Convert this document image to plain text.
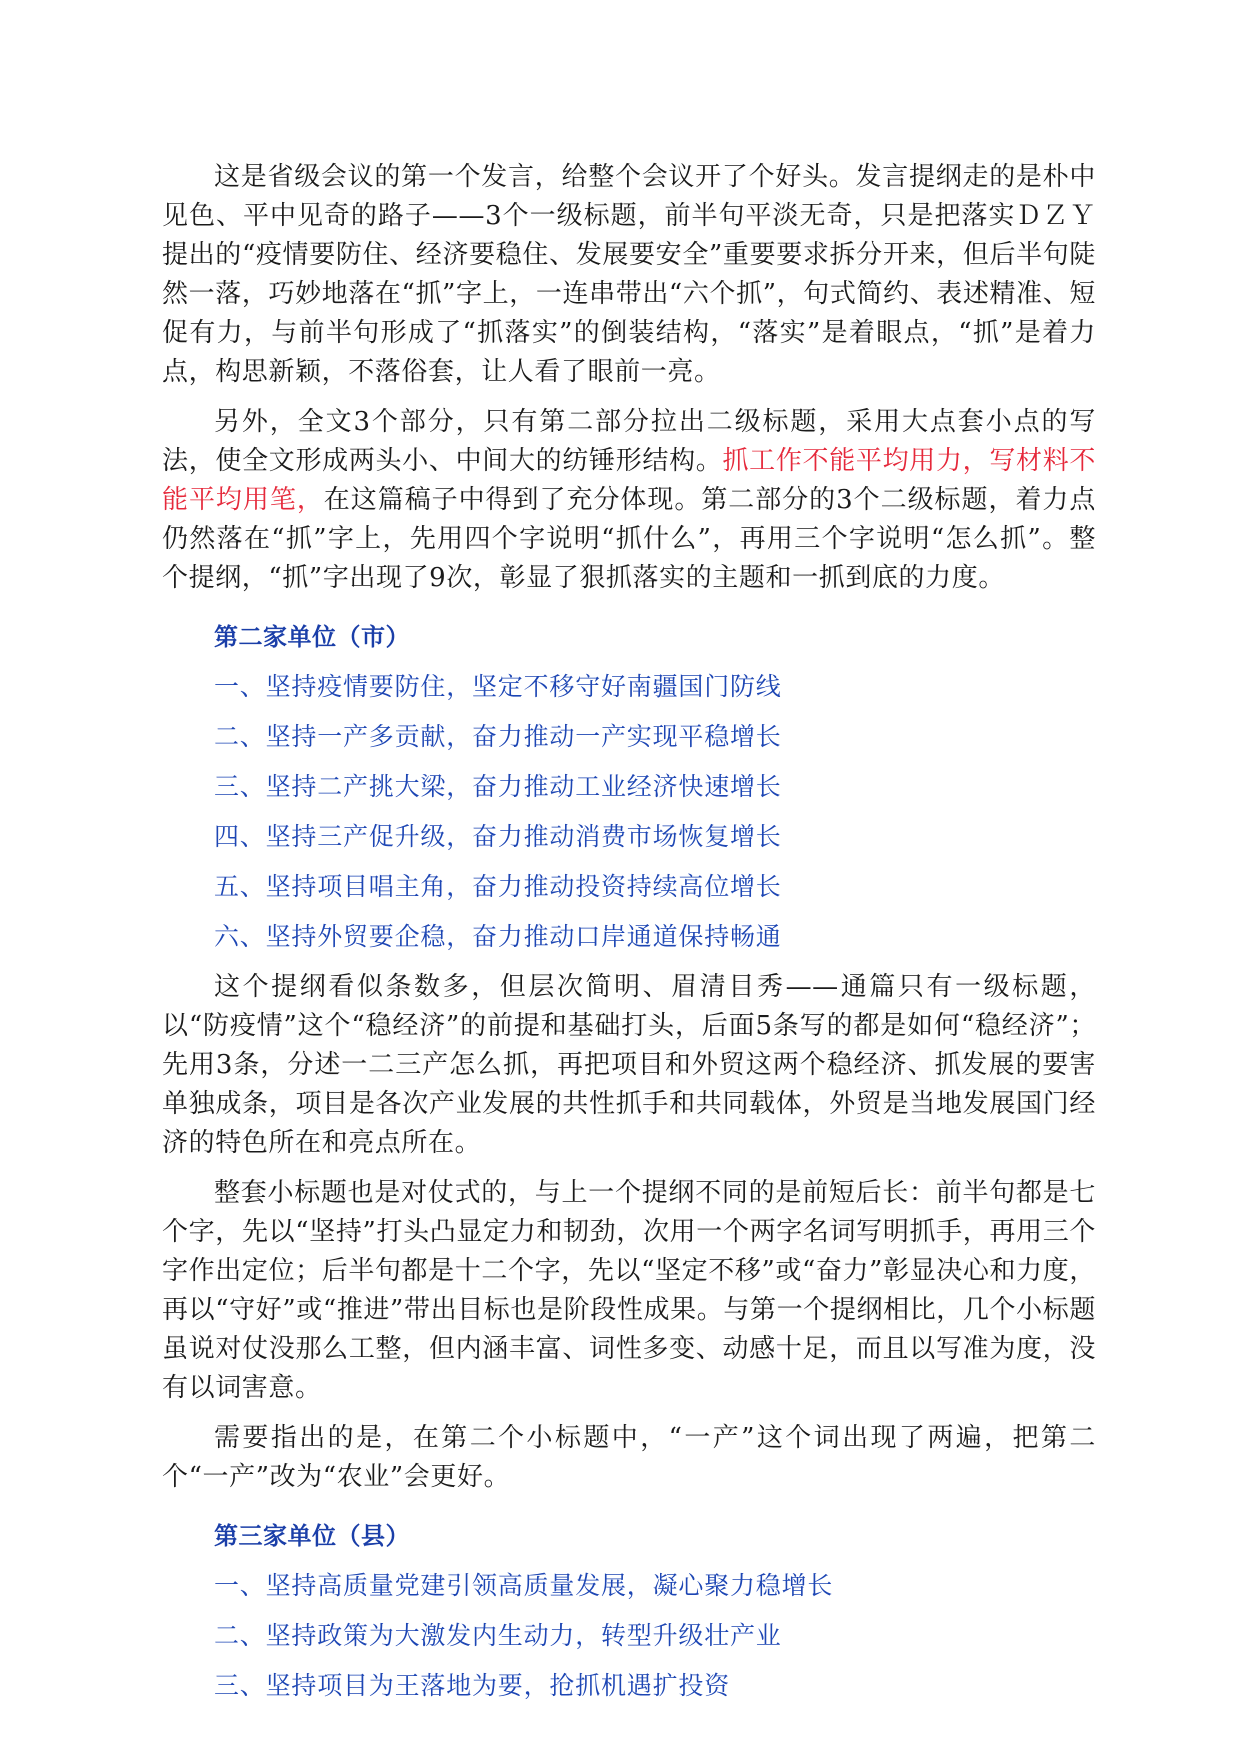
这是省级会议的第一个发言，给整个会议开了个好头。发言提纲走的是朴中见色、平中见奇的路子——3个一级标题，前半句平淡无奇，只是把落实ＤＺＹ提出的“疫情要防住、经济要稳住、发展要安全”重要要求拆分开来，但后半句陡然一落，巧妙地落在“抓”字上，一连串带出“六个抓”，句式简约、表述精准、短促有力，与前半句形成了“抓落实”的倒装结构，“落实”是着眼点，“抓”是着力点，构思新颖，不落俗套，让人看了眼前一亮。

另外，全文3个部分，只有第二部分拉出二级标题，采用大点套小点的写法，使全文形成两头小、中间大的纺锤形结构。抓工作不能平均用力，写材料不能平均用笔，在这篇稿子中得到了充分体现。第二部分的3个二级标题，着力点仍然落在“抓”字上，先用四个字说明“抓什么”，再用三个字说明“怎么抓”。整个提纲，“抓”字出现了9次，彰显了狠抓落实的主题和一抓到底的力度。

第二家单位（市）
一、坚持疫情要防住，坚定不移守好南疆国门防线
二、坚持一产多贡献，奋力推动一产实现平稳增长
三、坚持二产挑大梁，奋力推动工业经济快速增长
四、坚持三产促升级，奋力推动消费市场恢复增长
五、坚持项目唱主角，奋力推动投资持续高位增长
六、坚持外贸要企稳，奋力推动口岸通道保持畅通

这个提纲看似条数多，但层次简明、眉清目秀——通篇只有一级标题，以“防疫情”这个“稳经济”的前提和基础打头，后面5条写的都是如何“稳经济”；先用3条，分述一二三产怎么抓，再把项目和外贸这两个稳经济、抓发展的要害单独成条，项目是各次产业发展的共性抓手和共同载体，外贸是当地发展国门经济的特色所在和亮点所在。

整套小标题也是对仗式的，与上一个提纲不同的是前短后长：前半句都是七个字，先以“坚持”打头凸显定力和韧劲，次用一个两字名词写明抓手，再用三个字作出定位；后半句都是十二个字，先以“坚定不移”或“奋力”彰显决心和力度，再以“守好”或“推进”带出目标也是阶段性成果。与第一个提纲相比，几个小标题虽说对仗没那么工整，但内涵丰富、词性多变、动感十足，而且以写准为度，没有以词害意。

需要指出的是，在第二个小标题中，“一产”这个词出现了两遍，把第二个“一产”改为“农业”会更好。

第三家单位（县）
一、坚持高质量党建引领高质量发展，凝心聚力稳增长
二、坚持政策为大激发内生动力，转型升级壮产业
三、坚持项目为王落地为要，抢抓机遇扩投资
